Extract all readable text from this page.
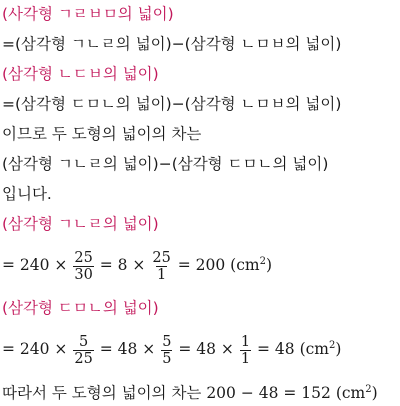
(사각형 ㄱㄹㅂㅁ의 넓이)
=(삼각형 ㄱㄴㄹ의 넓이)−(삼각형 ㄴㅁㅂ의 넓이)
(삼각형 ㄴㄷㅂ의 넓이)
=(삼각형 ㄷㅁㄴ의 넓이)−(삼각형 ㄴㅁㅂ의 넓이)
이므로 두 도형의 넓이의 차는
(삼각형 ㄱㄴㄹ의 넓이)−(삼각형 ㄷㅁㄴ의 넓이)
입니다.
(삼각형 ㄱㄴㄹ의 넓이)
= $240 \times \frac{25}{30} = 8 \times \frac{25}{1} = 200$ $(cm^2)$
(삼각형 ㄷㅁㄴ의 넓이)
= $240 \times \frac{5}{25} = 48 \times \frac{5}{5} = 48 \times \frac{1}{1} = 48$ $(cm^2)$
따라서 두 도형의 넓이의 차는 200 − 48 = 152 $(cm^2)$
